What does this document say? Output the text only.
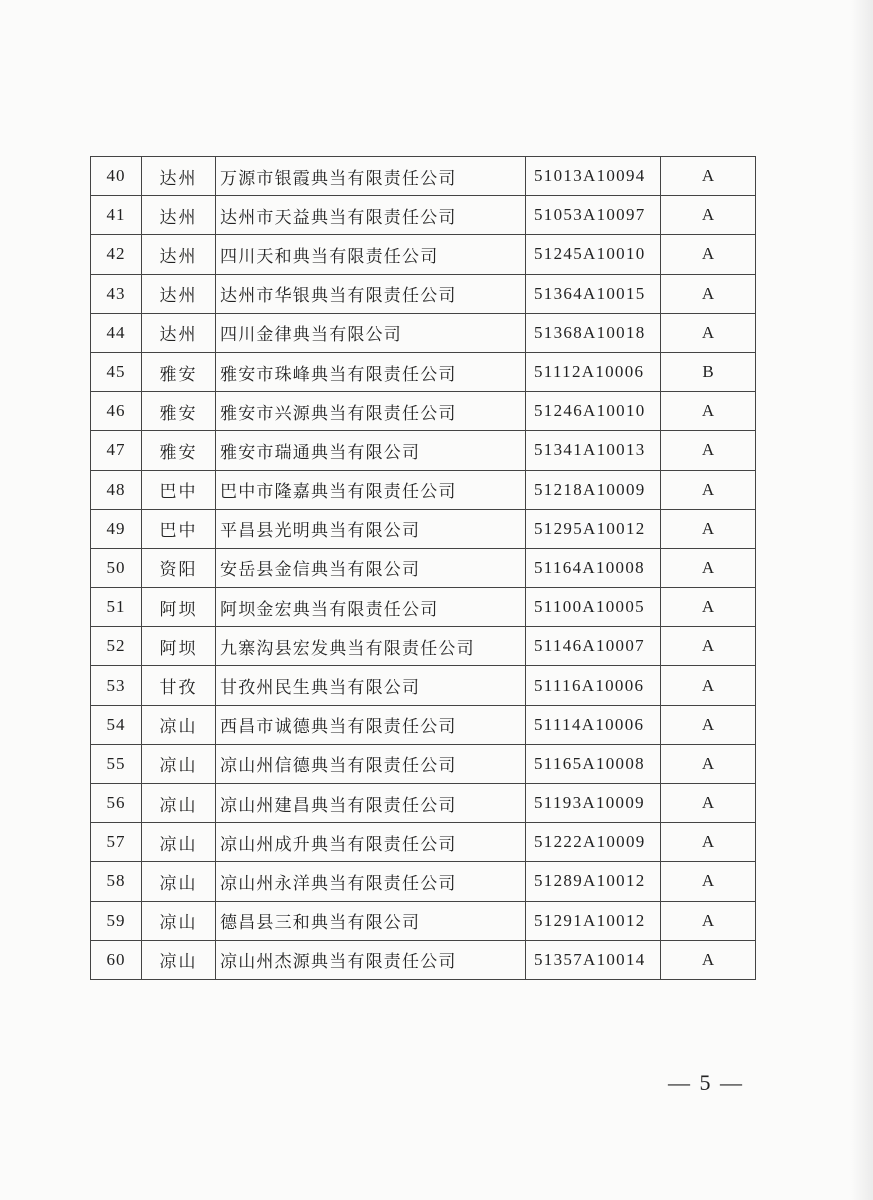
40	达州	万源市银霞典当有限责任公司	51013A10094	A
41	达州	达州市天益典当有限责任公司	51053A10097	A
42	达州	四川天和典当有限责任公司	51245A10010	A
43	达州	达州市华银典当有限责任公司	51364A10015	A
44	达州	四川金律典当有限公司	51368A10018	A
45	雅安	雅安市珠峰典当有限责任公司	51112A10006	B
46	雅安	雅安市兴源典当有限责任公司	51246A10010	A
47	雅安	雅安市瑞通典当有限公司	51341A10013	A
48	巴中	巴中市隆嘉典当有限责任公司	51218A10009	A
49	巴中	平昌县光明典当有限公司	51295A10012	A
50	资阳	安岳县金信典当有限公司	51164A10008	A
51	阿坝	阿坝金宏典当有限责任公司	51100A10005	A
52	阿坝	九寨沟县宏发典当有限责任公司	51146A10007	A
53	甘孜	甘孜州民生典当有限公司	51116A10006	A
54	凉山	西昌市诚德典当有限责任公司	51114A10006	A
55	凉山	凉山州信德典当有限责任公司	51165A10008	A
56	凉山	凉山州建昌典当有限责任公司	51193A10009	A
57	凉山	凉山州成升典当有限责任公司	51222A10009	A
58	凉山	凉山州永洋典当有限责任公司	51289A10012	A
59	凉山	德昌县三和典当有限公司	51291A10012	A
60	凉山	凉山州杰源典当有限责任公司	51357A10014	A
— 5 —
